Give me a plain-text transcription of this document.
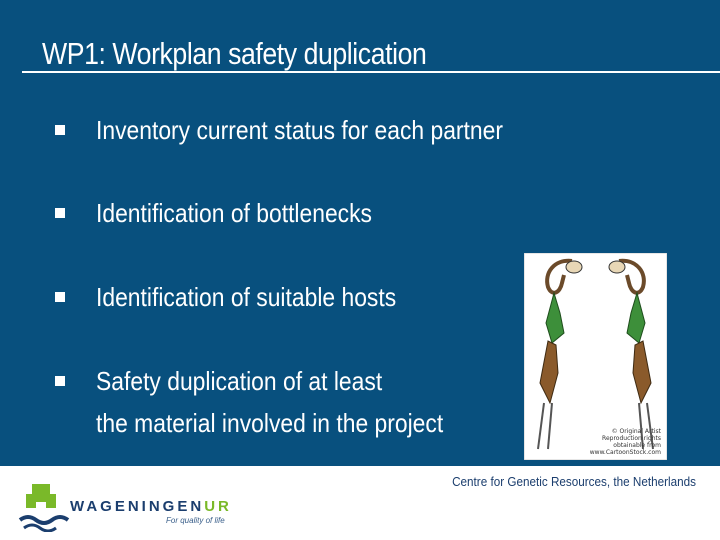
WP1: Workplan safety duplication
Inventory current status for each partner
Identification of bottlenecks
Identification of suitable hosts
Safety duplication of at least
the material involved in the project	© Original Artist
Reproduction rights obtainable from
www.CartoonStock.com
Centre for Genetic Resources, the Netherlands
WAGENINGENUR
For quality of life
